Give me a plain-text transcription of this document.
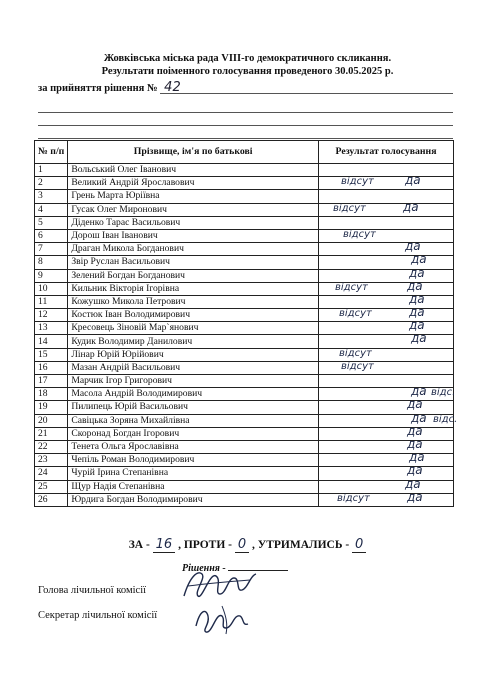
Жовківська міська рада VIII-го демократичного скликання.
Результати поіменного голосування проведеного 30.05.2025 р.
за прийняття рішення № 42
№ п/п	Прізвище, ім'я по батькові	Результат голосування
1	Вольський Олег Іванович	
2	Великий Андрій Ярославович	відсут да

3	Грень Марта Юріївна	
4	Гусак Олег Миронович	відсут да

5	Діденко Тарас Васильович	
6	Дорош Іван Іванович	відсут

7	Драган Микола Богданович	да

8	Звір Руслан Васильович	да

9	Зелений Богдан Богданович	да

10	Кильник Вікторія Ігорівна	відсут да

11	Кожушко Микола Петрович	да

12	Костюк Іван Володимирович	відсут да

13	Кресовець Зіновій Мар`янович	да

14	Кудик Володимир Данилович	да

15	Лінар Юрій Юрійович	відсут

16	Мазан Андрій Васильович	відсут

17	Марчик Ігор Григорович	
18	Масола Андрій Володимирович	да відс.

19	Пилипець Юрій Васильович	да

20	Савіцька Зоряна Михайлівна	да відс.

21	Скоронад Богдан Ігорович	да

22	Тенета Ольга Ярославівна	да

23	Чепіль Роман Володимирович	да

24	Чурій Ірина Степанівна	да

25	Щур Надія Степанівна	да

26	Юрдига Богдан Володимирович	відсут да
ЗА - 16 , ПРОТИ - 0 , УТРИМАЛИСЬ - 0
Рішення -
Голова лічильної комісії
Секретар лічильної комісії
